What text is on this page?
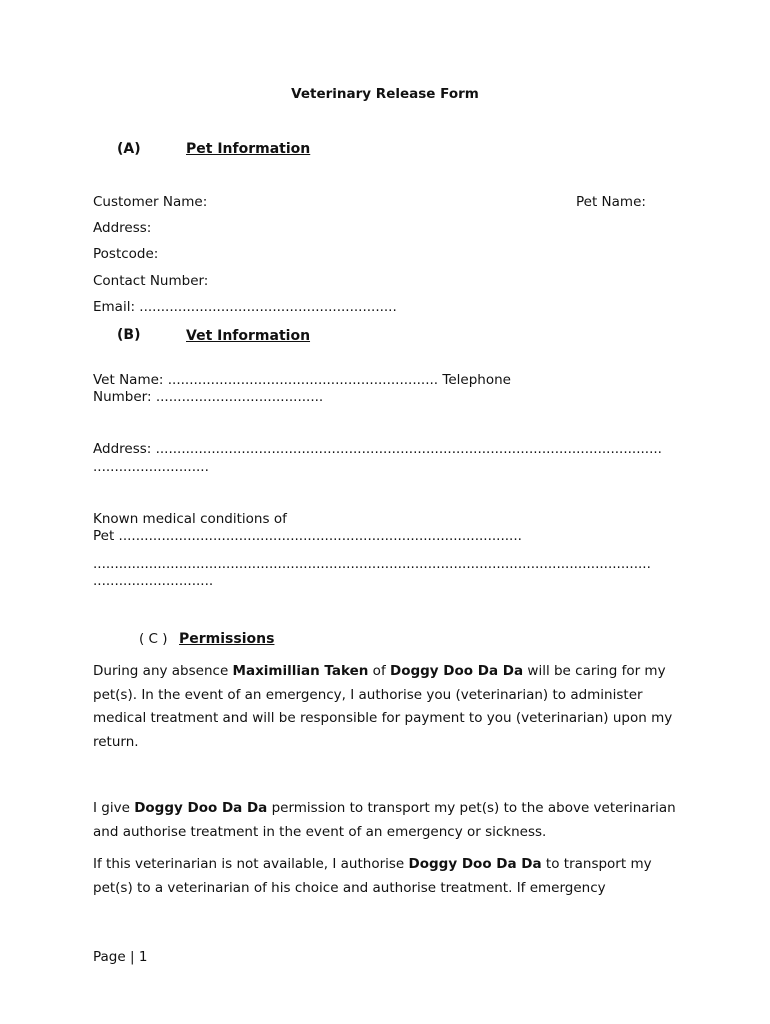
Veterinary Release Form
(A)	Pet Information
Customer Name:	Pet Name:
Address:
Postcode:
Contact Number:
Email: ............................................................
(B)	Vet Information
Vet Name: ............................................................... Telephone
Number: .......................................
Address: ......................................................................................................................
...........................
Known medical conditions of
Pet ..............................................................................................
..................................................................................................................................
............................
( C ) Permissions

During any absence Maximillian Taken of Doggy Doo Da Da will be caring for my pet(s). In the event of an emergency, I authorise you (veterinarian) to administer medical treatment and will be responsible for payment to you (veterinarian) upon my return.

I give Doggy Doo Da Da permission to transport my pet(s) to the above veterinarian and authorise treatment in the event of an emergency or sickness.

If this veterinarian is not available, I authorise Doggy Doo Da Da to transport my pet(s) to a veterinarian of his choice and authorise treatment. If emergency

Page | 1
